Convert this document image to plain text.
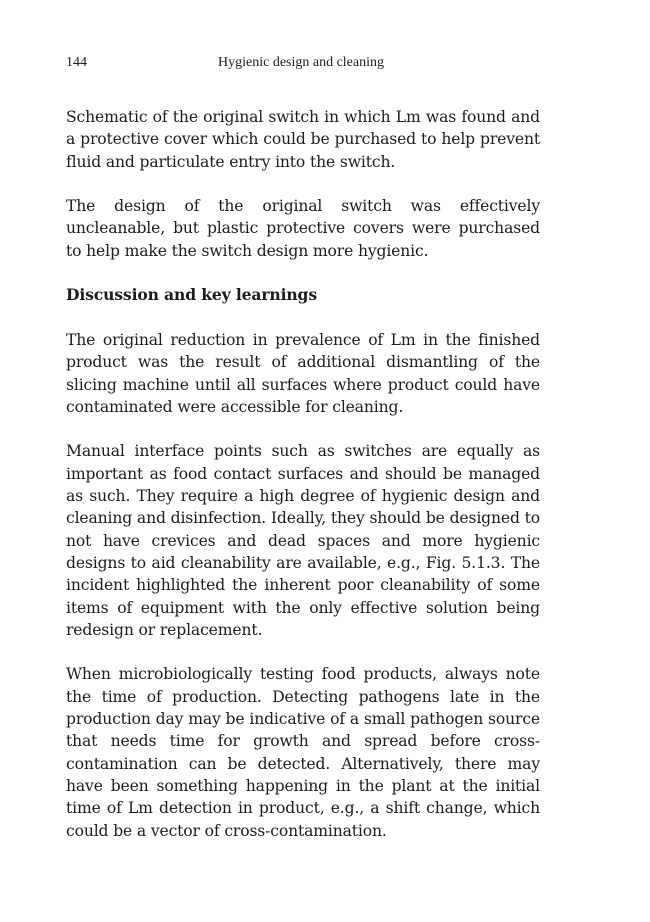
144	Hygienic design and cleaning

Schematic of the original switch in which Lm was found and a protective cover which could be purchased to help prevent fluid and particulate entry into the switch.

The design of the original switch was effectively uncleanable, but plastic protective covers were purchased to help make the switch design more hygienic.

Discussion and key learnings

The original reduction in prevalence of Lm in the finished product was the result of additional dismantling of the slicing machine until all surfaces where product could have contaminated were accessible for cleaning.

Manual interface points such as switches are equally as important as food contact surfaces and should be managed as such. They require a high degree of hygienic design and cleaning and disinfection. Ideally, they should be designed to not have crevices and dead spaces and more hygienic designs to aid cleanability are available, e.g., Fig. 5.1.3. The incident highlighted the inherent poor cleanability of some items of equipment with the only effective solution being redesign or replacement.

When microbiologically testing food products, always note the time of production. Detecting pathogens late in the production day may be indicative of a small pathogen source that needs time for growth and spread before cross-contamination can be detected. Alternatively, there may have been something happening in the plant at the initial time of Lm detection in product, e.g., a shift change, which could be a vector of cross-contamination.
